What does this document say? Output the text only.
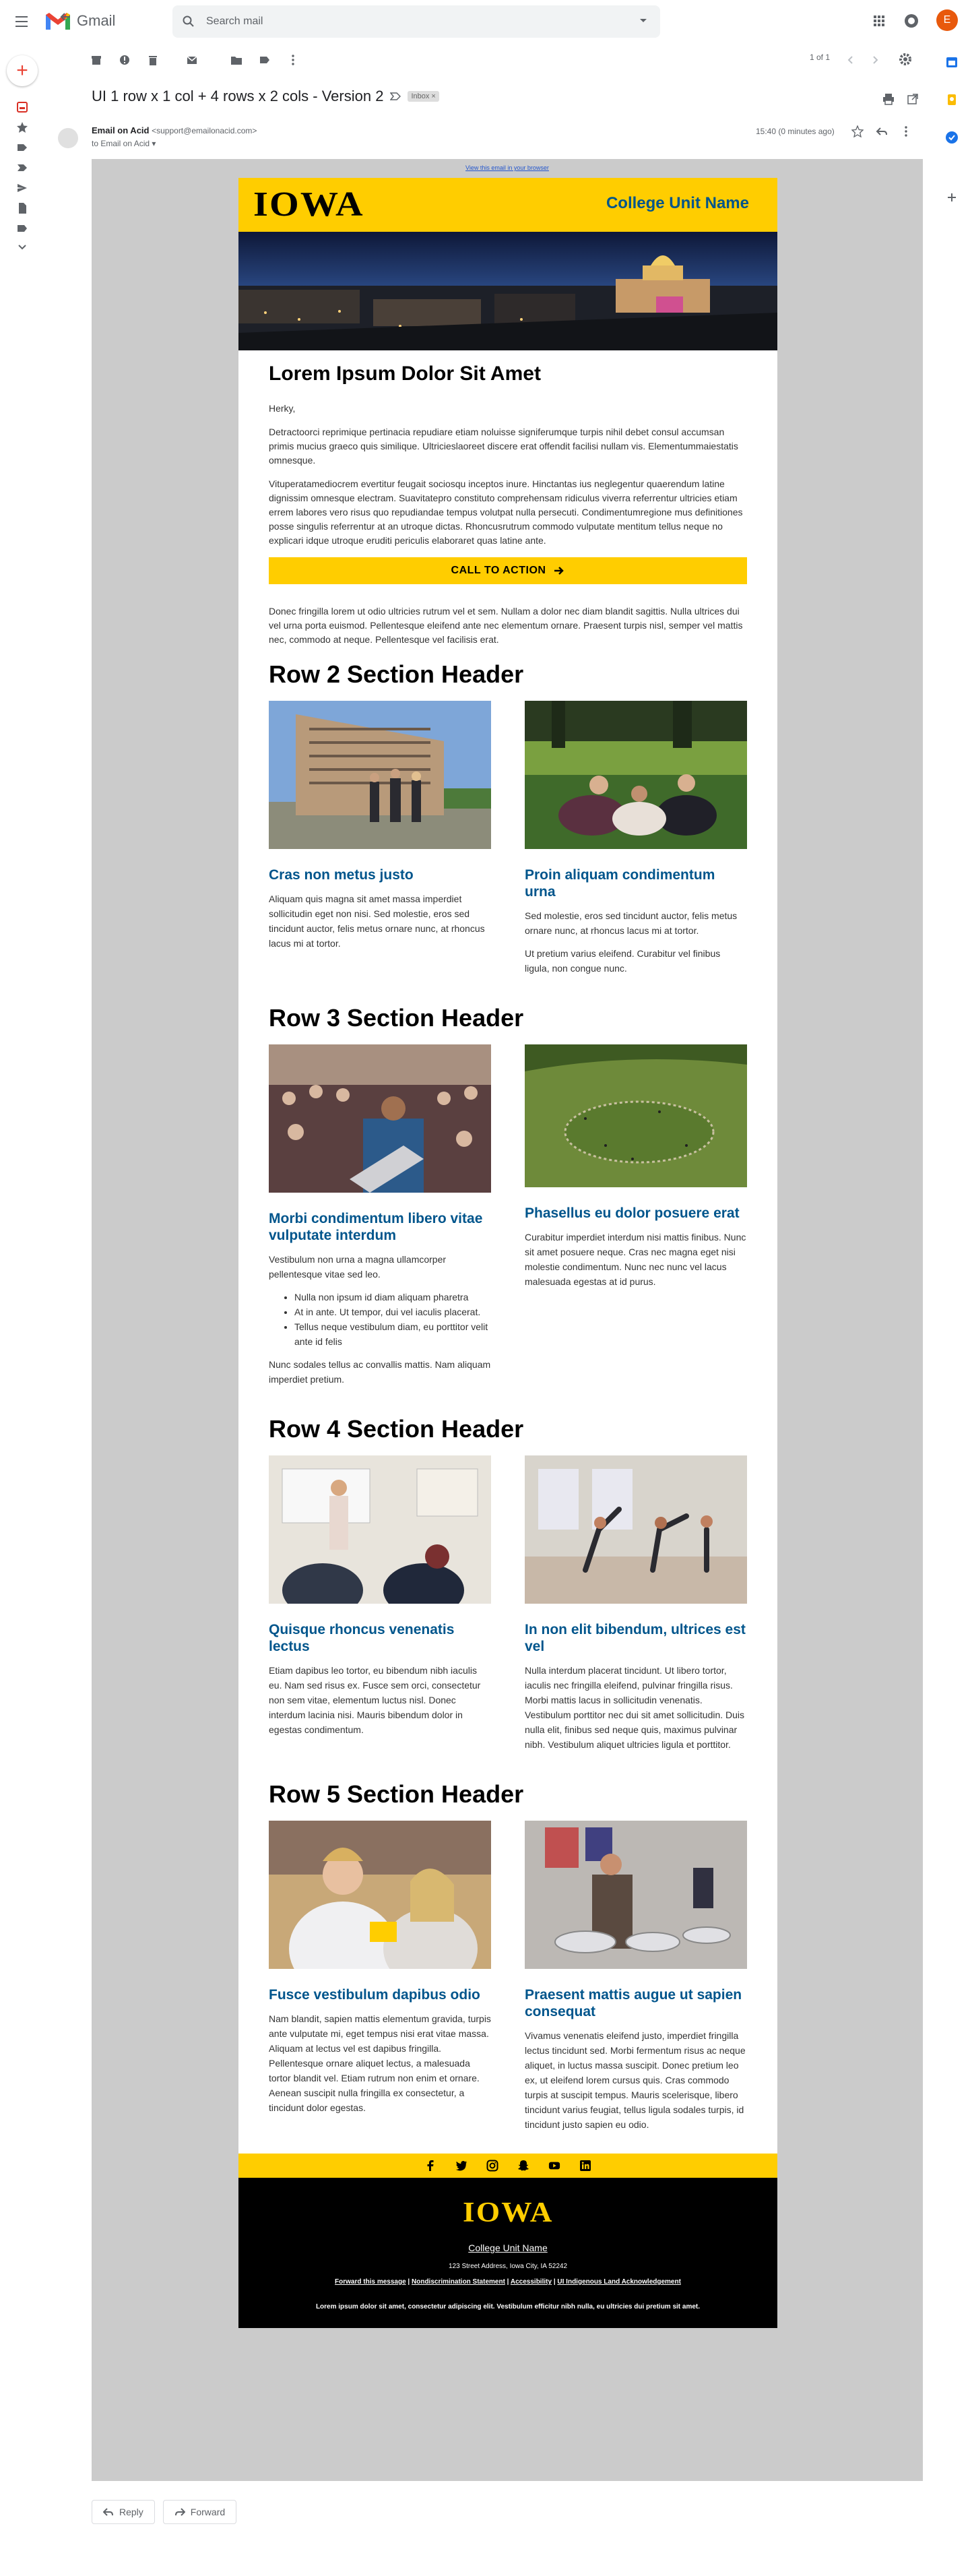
Gmail	Search mail	E
+
1 of 1
UI 1 row x 1 col + 4 rows x 2 cols - Version 2	Inbox ×
Email on Acid <support@emailonacid.com>
to Email on Acid ▾
15:40 (0 minutes ago)
View this email in your browser
IOWA	College Unit Name
Lorem Ipsum Dolor Sit Amet

Herky,

Detractoorci reprimique pertinacia repudiare etiam noluisse signiferumque turpis nihil debet consul accumsan primis mucius graeco quis similique. Ultricieslaoreet discere erat offendit facilisi nullam vis. Elementummaiestatis omnesque.

Vituperatamediocrem evertitur feugait sociosqu inceptos inure. Hinctantas ius neglegentur quaerendum latine dignissim omnesque electram. Suavitatepro constituto comprehensam ridiculus viverra referrentur ultricies etiam errem labores vero risus quo repudiandae tempus volutpat nulla persecuti. Condimentumregione mus definitiones posse singulis referrentur at an utroque dictas. Rhoncusrutrum commodo vulputate mentitum tellus neque no explicari idque utroque eruditi periculis elaboraret quas latine ante.

CALL TO ACTION

Donec fringilla lorem ut odio ultricies rutrum vel et sem. Nullam a dolor nec diam blandit sagittis. Nulla ultrices dui vel urna porta euismod. Pellentesque eleifend ante nec elementum ornare. Praesent turpis nisl, semper vel mattis nec, commodo at neque. Pellentesque vel facilisis erat.

Row 2 Section Header
Cras non metus justo

Aliquam quis magna sit amet massa imperdiet sollicitudin eget non nisi. Sed molestie, eros sed tincidunt auctor, felis metus ornare nunc, at rhoncus lacus mi at tortor.

Proin aliquam condimentum urna

Sed molestie, eros sed tincidunt auctor, felis metus ornare nunc, at rhoncus lacus mi at tortor.

Ut pretium varius eleifend. Curabitur vel finibus ligula, non congue nunc.

Row 3 Section Header
Morbi condimentum libero vitae vulputate interdum

Vestibulum non urna a magna ullamcorper pellentesque vitae sed leo.

• Nulla non ipsum id diam aliquam pharetra
• At in ante. Ut tempor, dui vel iaculis placerat.
• Tellus neque vestibulum diam, eu porttitor velit ante id felis

Nunc sodales tellus ac convallis mattis. Nam aliquam imperdiet pretium.

Phasellus eu dolor posuere erat

Curabitur imperdiet interdum nisi mattis finibus. Nunc sit amet posuere neque. Cras nec magna eget nisi molestie condimentum. Nunc nec nunc vel lacus malesuada egestas at id purus.

Row 4 Section Header
Quisque rhoncus venenatis lectus

Etiam dapibus leo tortor, eu bibendum nibh iaculis eu. Nam sed risus ex. Fusce sem orci, consectetur non sem vitae, elementum luctus nisl. Donec interdum lacinia nisi. Mauris bibendum dolor in egestas condimentum.

In non elit bibendum, ultrices est vel

Nulla interdum placerat tincidunt. Ut libero tortor, iaculis nec fringilla eleifend, pulvinar fringilla risus. Morbi mattis lacus in sollicitudin venenatis. Vestibulum porttitor nec dui sit amet sollicitudin. Duis nulla elit, finibus sed neque quis, maximus pulvinar nibh. Vestibulum aliquet ultricies ligula et porttitor.

Row 5 Section Header
Fusce vestibulum dapibus odio

Nam blandit, sapien mattis elementum gravida, turpis ante vulputate mi, eget tempus nisi erat vitae massa. Aliquam at lectus vel est dapibus fringilla. Pellentesque ornare aliquet lectus, a malesuada tortor blandit vel. Etiam rutrum non enim et ornare. Aenean suscipit nulla fringilla ex consectetur, a tincidunt dolor egestas.

Praesent mattis augue ut sapien consequat

Vivamus venenatis eleifend justo, imperdiet fringilla lectus tincidunt sed. Morbi fermentum risus ac neque aliquet, in luctus massa suscipit. Donec pretium leo ex, ut eleifend lorem cursus quis. Cras commodo turpis at suscipit tempus. Mauris scelerisque, libero tincidunt varius feugiat, tellus ligula sodales turpis, id tincidunt justo sapien eu odio.

IOWA
College Unit Name
123 Street Address, Iowa City, IA 52242
Forward this message | Nondiscrimination Statement | Accessibility | UI Indigenous Land Acknowledgement
Lorem ipsum dolor sit amet, consectetur adipiscing elit. Vestibulum efficitur nibh nulla, eu ultricies dui pretium sit amet.
Reply	Forward
